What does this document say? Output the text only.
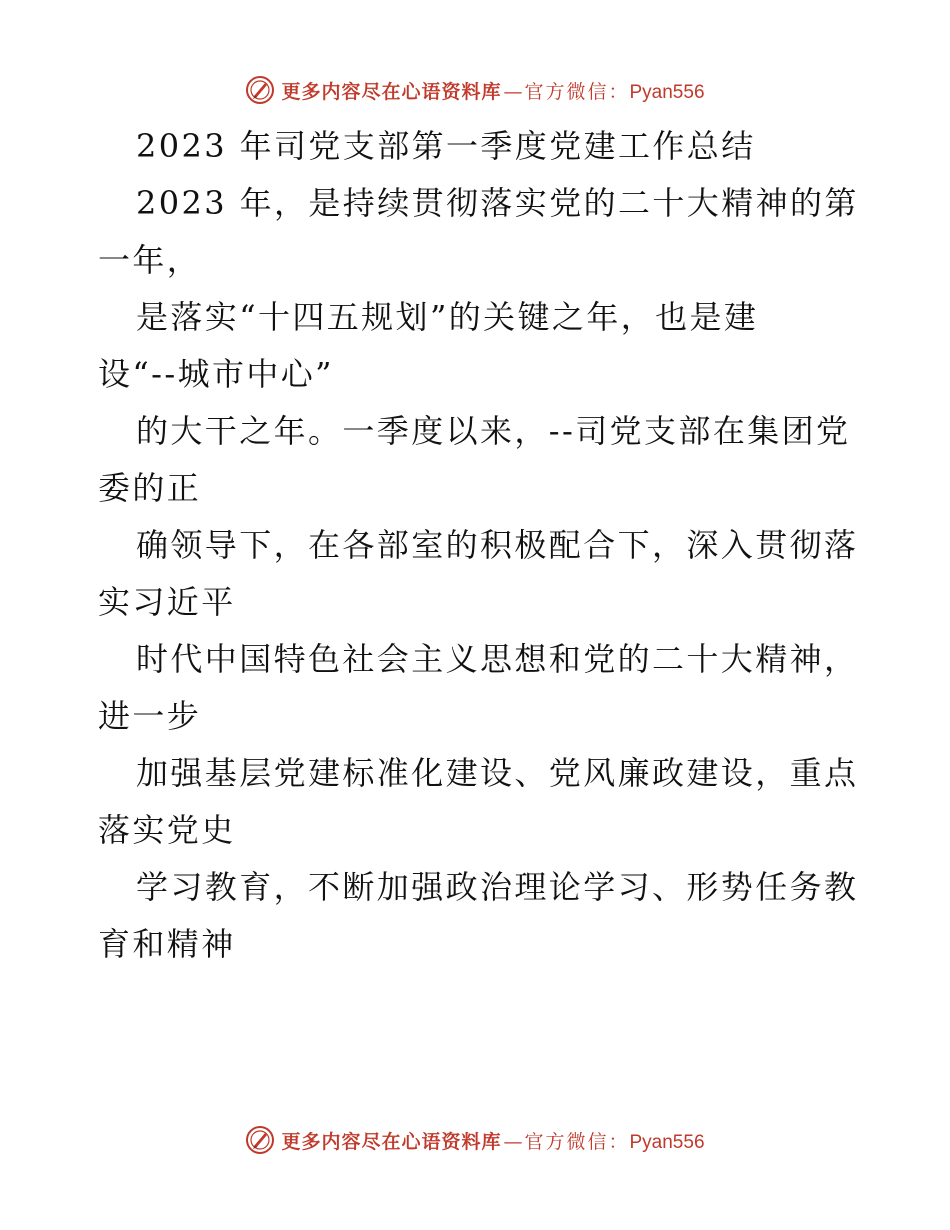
更多内容尽在心语资料库 — 官方微信： Pyan556
2023 年司党支部第一季度党建工作总结
2023 年，是持续贯彻落实党的二十大精神的第
一年，
是落实“十四五规划”的关键之年，也是建
设“--城市中心”
的大干之年。一季度以来，--司党支部在集团党
委的正
确领导下，在各部室的积极配合下，深入贯彻落
实习近平
时代中国特色社会主义思想和党的二十大精神，
进一步
加强基层党建标准化建设、党风廉政建设，重点
落实党史
学习教育，不断加强政治理论学习、形势任务教
育和精神
更多内容尽在心语资料库 — 官方微信： Pyan556
